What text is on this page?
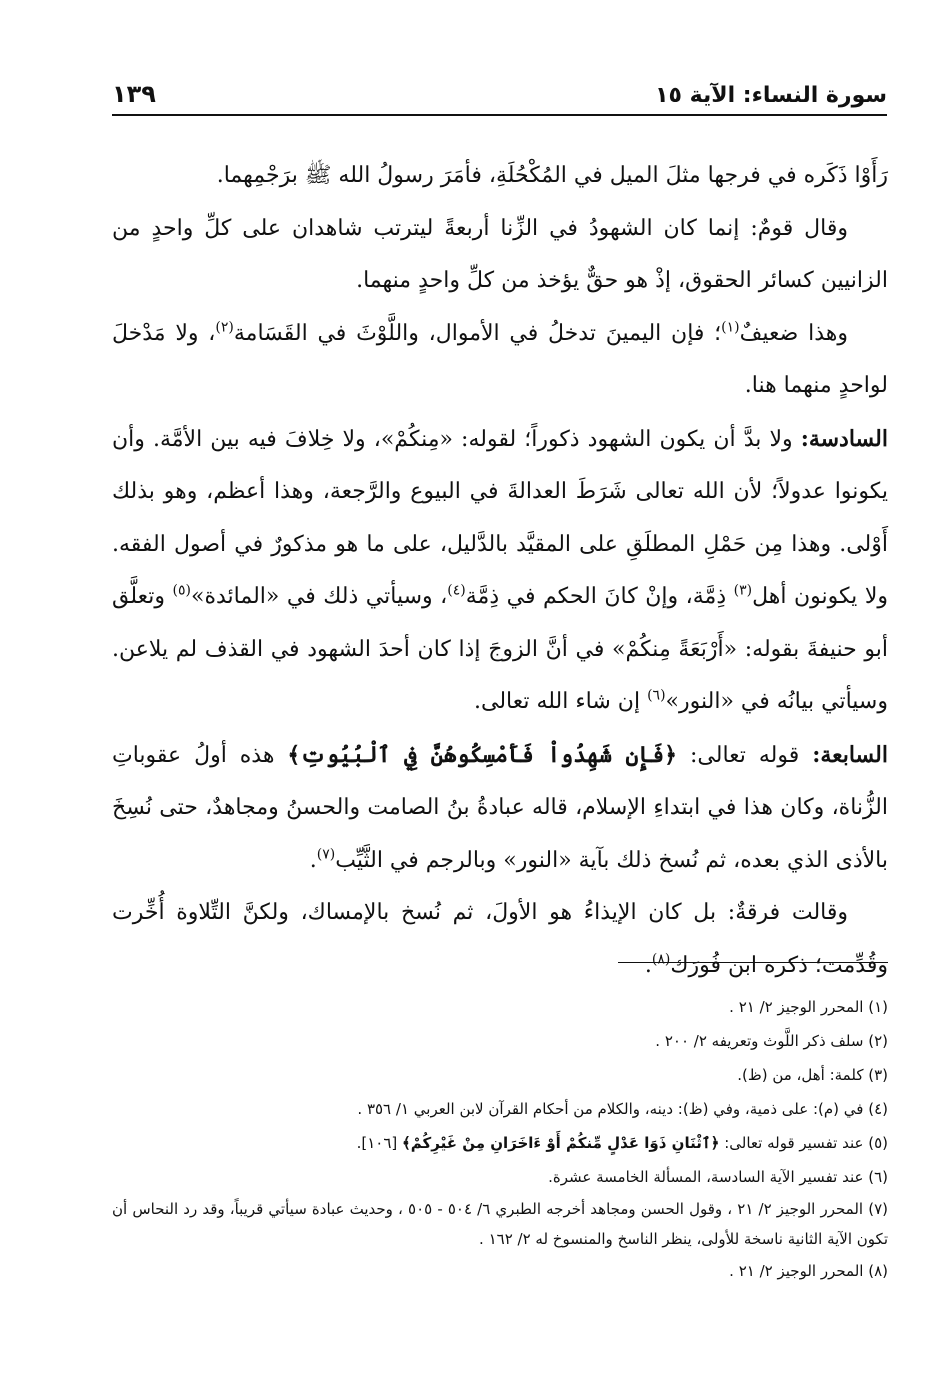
سورة النساء: الآية ١٥
١٣٩

رَأَوْا ذَكَره في فرجها مثلَ الميل في المُكْحُلَةِ، فأمَرَ رسولُ الله ﷺ برَجْمِهما.

وقال قومٌ: إنما كان الشهودُ في الزِّنا أربعةً ليترتب شاهدان على كلِّ واحدٍ من الزانيين كسائر الحقوق، إذْ هو حقٌّ يؤخذ من كلِّ واحدٍ منهما.

وهذا ضعيفٌ$^{(١)}$؛ فإن اليمينَ تدخلُ في الأموال، واللَّوْثَ في القَسَامة$^{(٢)}$، ولا مَدْخلَ لواحدٍ منهما هنا.

السادسة: ولا بدَّ أن يكون الشهود ذكوراً؛ لقوله: «مِنكُمْ»، ولا خِلافَ فيه بين الأمَّة. وأن يكونوا عدولاً؛ لأن الله تعالى شَرَطَ العدالةَ في البيوع والرَّجعة، وهذا أعظم، وهو بذلك أَوْلى. وهذا مِن حَمْلِ المطلَقِ على المقيَّد بالدَّليل، على ما هو مذكورٌ في أصول الفقه. ولا يكونون أهل$^{(٣)}$ ذِمَّة، وإنْ كانَ الحكم في ذِمَّة$^{(٤)}$، وسيأتي ذلك في «المائدة»$^{(٥)}$ وتعلَّق أبو حنيفةَ بقوله: «أَرْبَعَةً مِنكُمْ» في أنَّ الزوجَ إذا كان أحدَ الشهود في القذف لم يلاعن. وسيأتي بيانُه في «النور»$^{(٦)}$ إن شاء الله تعالى.

السابعة: قوله تعالى: ﴿فَإِن شَهِدُواْ فَأَمْسِكُوهُنَّ فِي ٱلْبُيُوتِ﴾ هذه أولُ عقوباتِ الزُّناة، وكان هذا في ابتداءِ الإسلام، قاله عبادةُ بنُ الصامت والحسنُ ومجاهدٌ، حتى نُسِخَ بالأذى الذي بعده، ثم نُسخ ذلك بآية «النور» وبالرجم في الثَّيِّب$^{(٧)}$.

وقالت فرقةٌ: بل كان الإيذاءُ هو الأولَ، ثم نُسخ بالإمساك، ولكنَّ التِّلاوة أُخِّرت وقُدِّمت؛ ذكره ابن فُورَك$^{(٨)}$.

(١) المحرر الوجيز ٢/ ٢١ .

(٢) سلف ذكر اللَّوث وتعريفه ٢/ ٢٠٠ .

(٣) كلمة: أهل، من (ظ).

(٤) في (م): على ذمية، وفي (ظ): دينه، والكلام من أحكام القرآن لابن العربي ١/ ٣٥٦ .

(٥) عند تفسير قوله تعالى: ﴿ٱثْنَانِ ذَوَا عَدْلٍ مِّنكُمْ أَوْ ءَاخَرَانِ مِنْ غَيْرِكُمْ﴾ [١٠٦].

(٦) عند تفسير الآية السادسة، المسألة الخامسة عشرة.

(٧) المحرر الوجيز ٢/ ٢١ ، وقول الحسن ومجاهد أخرجه الطبري ٦/ ٥٠٤ - ٥٠٥ ، وحديث عبادة سيأتي قريباً، وقد رد النحاس أن تكون الآية الثانية ناسخة للأولى، ينظر الناسخ والمنسوخ له ٢/ ١٦٢ .

(٨) المحرر الوجيز ٢/ ٢١ .
